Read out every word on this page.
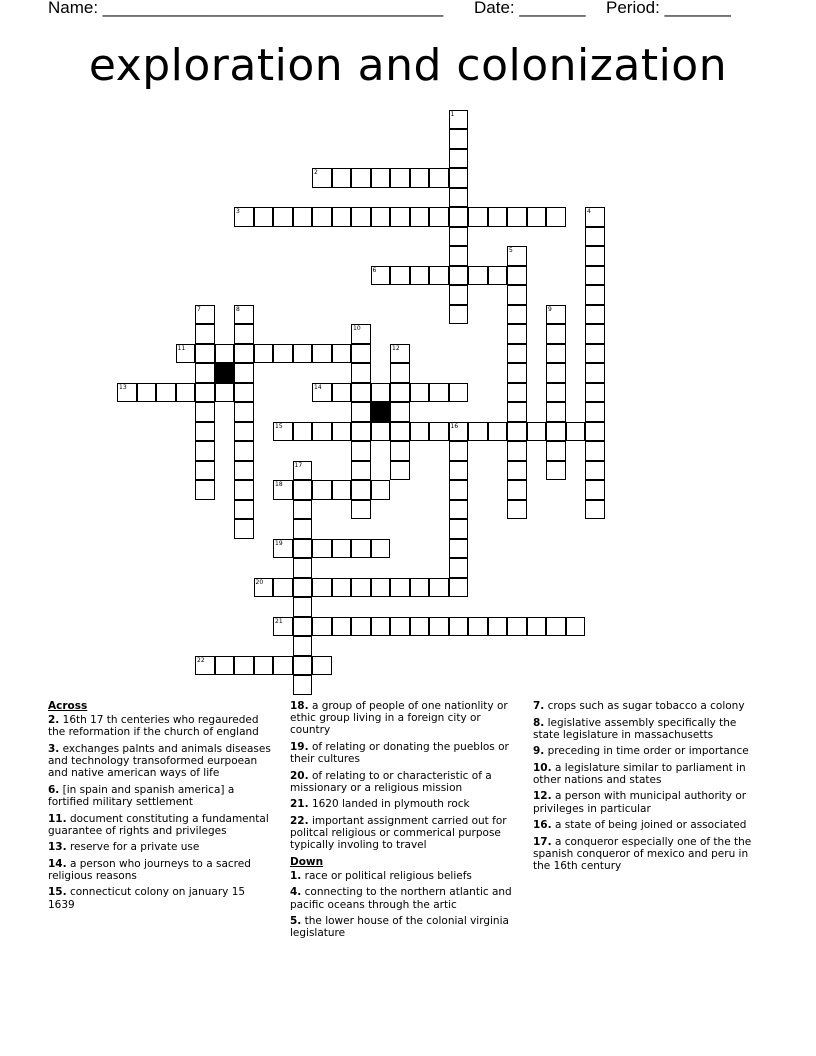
Name: ____________________________________ Date: _______ Period: _______
exploration and colonization
1
2
3	4
5
6
7	8	9
10
11	12
13	14
15	16
17
18
19
20
21
22
Across
2. 16th 17 th centeries who regaureded the reformation if the church of england
3. exchanges palnts and animals diseases and technology transoformed eurpoean and native american ways of life
6. [in spain and spanish america] a fortified military settlement
11. document constituting a fundamental guarantee of rights and privileges
13. reserve for a private use
14. a person who journeys to a sacred religious reasons
15. connecticut colony on january 15 1639
18. a group of people of one nationlity or ethic group living in a foreign city or country
19. of relating or donating the pueblos or their cultures
20. of relating to or characteristic of a missionary or a religious mission
21. 1620 landed in plymouth rock
22. important assignment carried out for politcal religious or commerical purpose typically involing to travel
Down
1. race or political religious beliefs
4. connecting to the northern atlantic and pacific oceans through the artic
5. the lower house of the colonial virginia legislature
7. crops such as sugar tobacco a colony
8. legislative assembly specifically the state legislature in massachusetts
9. preceding in time order or importance
10. a legislature similar to parliament in other nations and states
12. a person with municipal authority or privileges in particular
16. a state of being joined or associated
17. a conqueror especially one of the the spanish conqueror of mexico and peru in the 16th century
